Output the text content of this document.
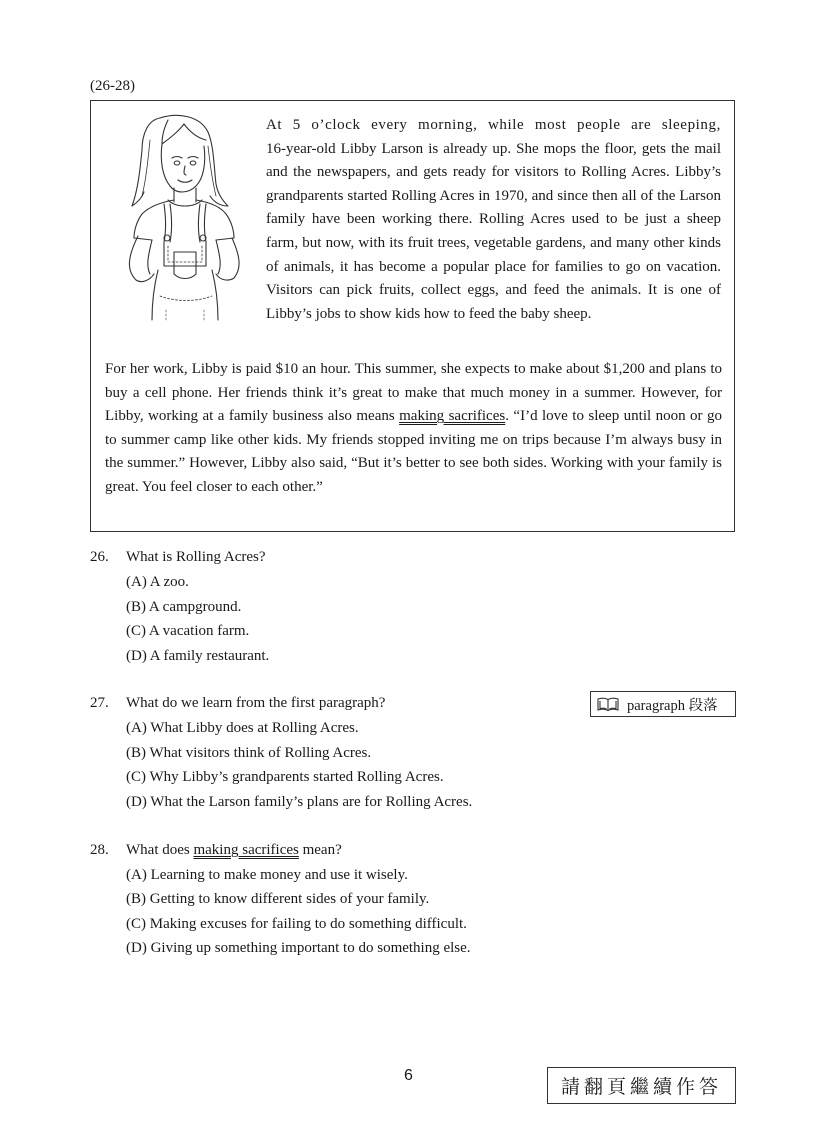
(26-28)

At 5 o’clock every morning, while most people are sleeping,
16-year-old Libby Larson is already up. She mops the floor, gets the mail and the newspapers, and gets ready for visitors to Rolling Acres. Libby’s grandparents started Rolling Acres in 1970, and since then all of the Larson family have been working there. Rolling Acres used to be just a sheep farm, but now, with its fruit trees, vegetable gardens, and many other kinds of animals, it has become a popular place for families to go on vacation. Visitors can pick fruits, collect eggs, and feed the animals. It is one of Libby’s jobs to show kids how to feed the baby sheep.

For her work, Libby is paid $10 an hour. This summer, she expects to make about $1,200 and plans to buy a cell phone. Her friends think it’s great to make that much money in a summer. However, for Libby, working at a family business also means making sacrifices. “I’d love to sleep until noon or go to summer camp like other kids. My friends stopped inviting me on trips because I’m always busy in the summer.” However, Libby also said, “But it’s better to see both sides. Working with your family is great. You feel closer to each other.”

26. What is Rolling Acres?
(A) A zoo.
(B) A campground.
(C) A vacation farm.
(D) A family restaurant.
27. What do we learn from the first paragraph?
(A) What Libby does at Rolling Acres.
(B) What visitors think of Rolling Acres.
(C) Why Libby’s grandparents started Rolling Acres.
(D) What the Larson family’s plans are for Rolling Acres.
paragraph 段落
28. What does making sacrifices mean?
(A) Learning to make money and use it wisely.
(B) Getting to know different sides of your family.
(C) Making excuses for failing to do something difficult.
(D) Giving up something important to do something else.
6
請翻頁繼續作答
